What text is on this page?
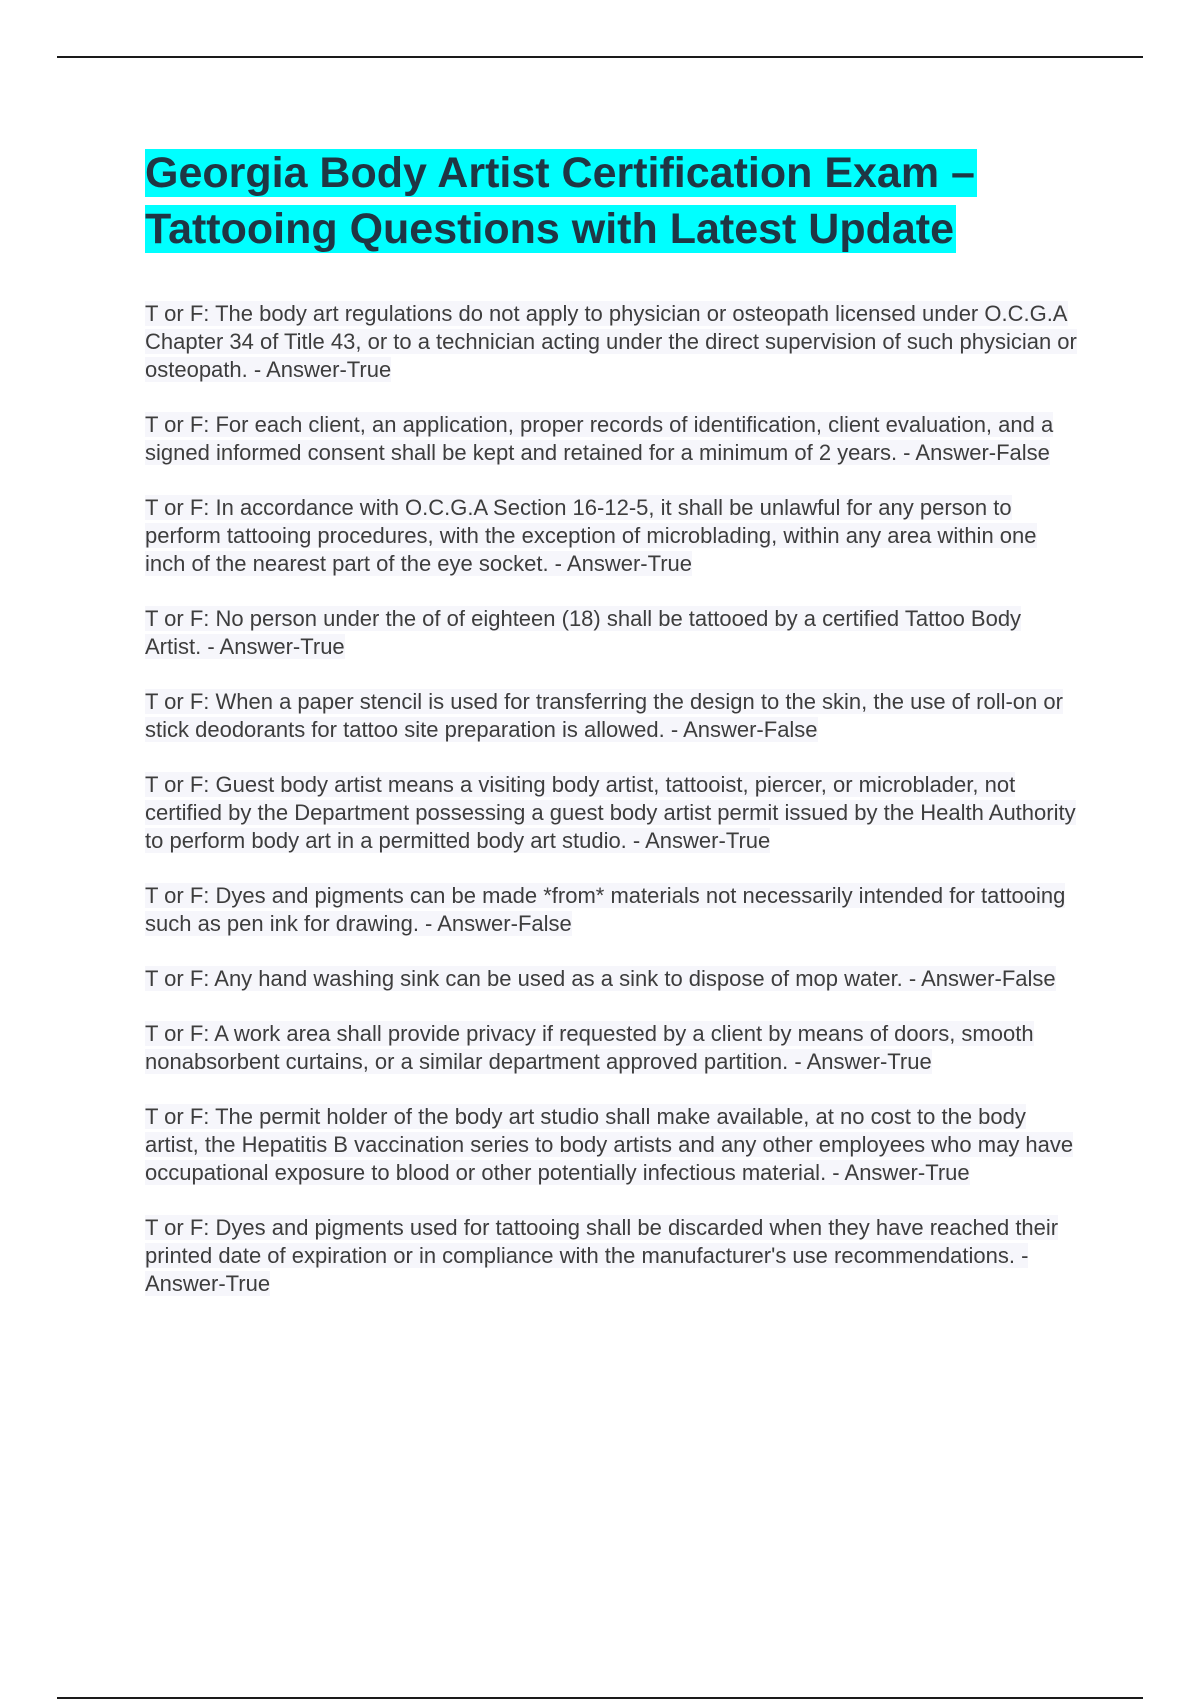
Georgia Body Artist Certification Exam – Tattooing Questions with Latest Update

T or F: The body art regulations do not apply to physician or osteopath licensed under O.C.G.A Chapter 34 of Title 43, or to a technician acting under the direct supervision of such physician or osteopath. - Answer-True

T or F: For each client, an application, proper records of identification, client evaluation, and a signed informed consent shall be kept and retained for a minimum of 2 years. - Answer-False

T or F: In accordance with O.C.G.A Section 16-12-5, it shall be unlawful for any person to perform tattooing procedures, with the exception of microblading, within any area within one inch of the nearest part of the eye socket. - Answer-True

T or F: No person under the of of eighteen (18) shall be tattooed by a certified Tattoo Body Artist. - Answer-True

T or F: When a paper stencil is used for transferring the design to the skin, the use of roll-on or stick deodorants for tattoo site preparation is allowed. - Answer-False

T or F: Guest body artist means a visiting body artist, tattooist, piercer, or microblader, not certified by the Department possessing a guest body artist permit issued by the Health Authority to perform body art in a permitted body art studio. - Answer-True

T or F: Dyes and pigments can be made *from* materials not necessarily intended for tattooing such as pen ink for drawing. - Answer-False

T or F: Any hand washing sink can be used as a sink to dispose of mop water. - Answer-False

T or F: A work area shall provide privacy if requested by a client by means of doors, smooth nonabsorbent curtains, or a similar department approved partition. - Answer-True

T or F: The permit holder of the body art studio shall make available, at no cost to the body artist, the Hepatitis B vaccination series to body artists and any other employees who may have occupational exposure to blood or other potentially infectious material. - Answer-True

T or F: Dyes and pigments used for tattooing shall be discarded when they have reached their printed date of expiration or in compliance with the manufacturer's use recommendations. - Answer-True
